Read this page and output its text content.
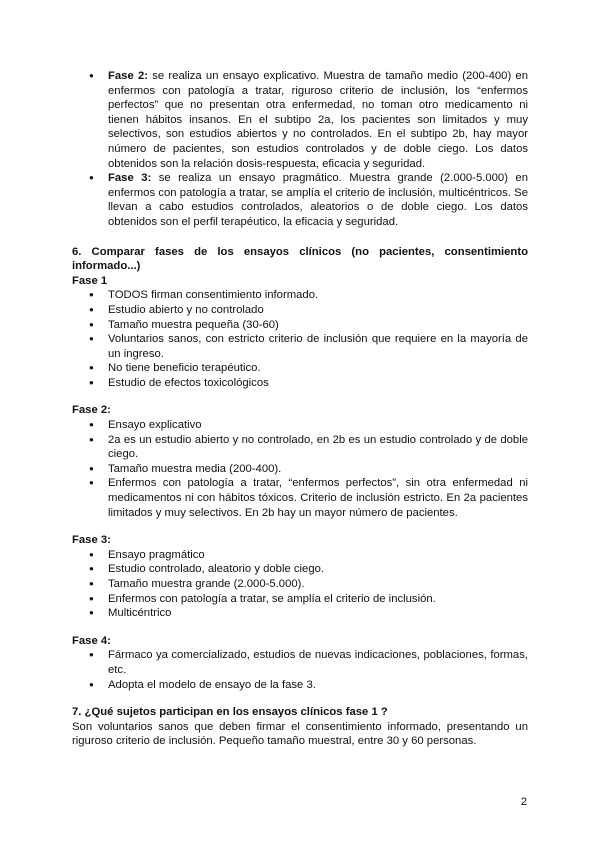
● Fase 2: se realiza un ensayo explicativo. Muestra de tamaño medio (200-400) en enfermos con patología a tratar, riguroso criterio de inclusión, los “enfermos perfectos” que no presentan otra enfermedad, no toman otro medicamento ni tienen hábitos insanos. En el subtipo 2a, los pacientes son limitados y muy selectivos, son estudios abiertos y no controlados. En el subtipo 2b, hay mayor número de pacientes, son estudios controlados y de doble ciego. Los datos obtenidos son la relación dosis-respuesta, eficacia y seguridad.
● Fase 3: se realiza un ensayo pragmático. Muestra grande (2.000-5.000) en enfermos con patología a tratar, se amplía el criterio de inclusión, multicéntricos. Se llevan a cabo estudios controlados, aleatorios o de doble ciego. Los datos obtenidos son el perfil terapéutico, la eficacia y seguridad.
6. Comparar fases de los ensayos clínicos (no pacientes, consentimiento informado...)
Fase 1
● TODOS firman consentimiento informado.
● Estudio abierto y no controlado
● Tamaño muestra pequeña (30-60)
● Voluntarios sanos, con estricto criterio de inclusión que requiere en la mayoría de un ingreso.
● No tiene beneficio terapéutico.
● Estudio de efectos toxicológicos
Fase 2:
● Ensayo explicativo
● 2a es un estudio abierto y no controlado, en 2b es un estudio controlado y de doble ciego.
● Tamaño muestra media (200-400).
● Enfermos con patología a tratar, “enfermos perfectos”, sin otra enfermedad ni medicamentos ni con hábitos tóxicos. Criterio de inclusión estricto. En 2a pacientes limitados y muy selectivos. En 2b hay un mayor número de pacientes.
Fase 3:
● Ensayo pragmático
● Estudio controlado, aleatorio y doble ciego.
● Tamaño muestra grande (2.000-5.000).
● Enfermos con patología a tratar, se amplía el criterio de inclusión.
● Multicéntrico
Fase 4:
● Fármaco ya comercializado, estudios de nuevas indicaciones, poblaciones, formas, etc.
● Adopta el modelo de ensayo de la fase 3.
7. ¿Qué sujetos participan en los ensayos clínicos fase 1 ?
Son voluntarios sanos que deben firmar el consentimiento informado, presentando un riguroso criterio de inclusión. Pequeño tamaño muestral, entre 30 y 60 personas.
2
